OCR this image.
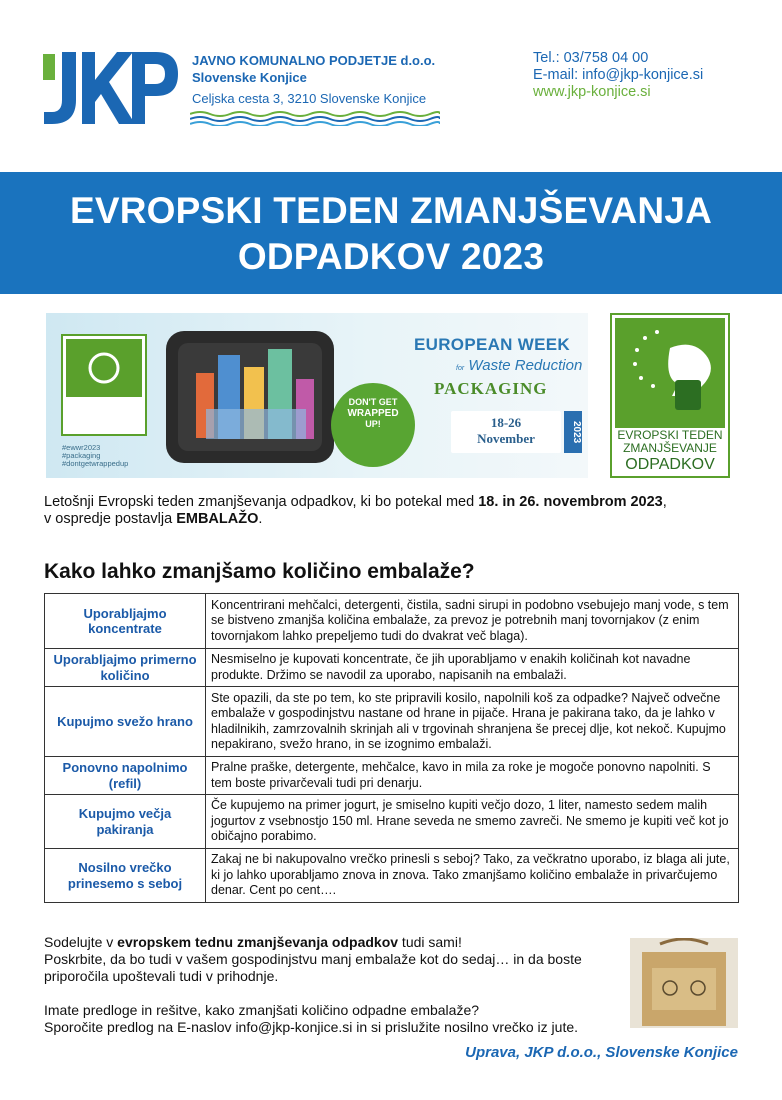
JAVNO KOMUNALNO PODJETJE d.o.o.
Slovenske Konjice
Celjska cesta 3, 3210 Slovenske Konjice
Tel.: 03/758 04 00
E-mail: info@jkp-konjice.si
www.jkp-konjice.si
EVROPSKI TEDEN ZMANJŠEVANJA
ODPADKOV 2023
#ewwr2023
#packaging
#dontgetwrappedup
DON'T GET
WRAPPED
UP!
EUROPEAN WEEK
for Waste Reduction
PACKAGING
18-26
November	2023	EVROPSKI TEDEN
ZMANJŠEVANJE
ODPADKOV
Letošnji Evropski teden zmanjševanja odpadkov, ki bo potekal med 18. in 26. novembrom 2023,
v ospredje postavlja EMBALAŽO.
Kako lahko zmanjšamo količino embalaže?
Uporabljajmo koncentrate	Koncentrirani mehčalci, detergenti, čistila, sadni sirupi in podobno vsebujejo manj vode, s tem se bistveno zmanjša količina embalaže, za prevoz je potrebnih manj tovornjakov (z enim tovornjakom lahko prepeljemo tudi do dvakrat več blaga).
Uporabljajmo primerno količino	Nesmiselno je kupovati koncentrate, če jih uporabljamo v enakih količinah kot navadne produkte. Držimo se navodil za uporabo, napisanih na embalaži.
Kupujmo svežo hrano	Ste opazili, da ste po tem, ko ste pripravili kosilo, napolnili koš za odpadke? Največ odvečne embalaže v gospodinjstvu nastane od hrane in pijače. Hrana je pakirana tako, da je lahko v hladilnikih, zamrzovalnih skrinjah ali v trgovinah shranjena še precej dlje, kot nekoč. Kupujmo nepakirano, svežo hrano, in se izognimo embalaži.
Ponovno napolnimo (refil)	Pralne praške, detergente, mehčalce, kavo in mila za roke je mogoče ponovno napolniti. S tem boste privarčevali tudi pri denarju.
Kupujmo večja pakiranja	Če kupujemo na primer jogurt, je smiselno kupiti večjo dozo, 1 liter, namesto sedem malih jogurtov z vsebnostjo 150 ml. Hrane seveda ne smemo zavreči. Ne smemo je kupiti več kot jo običajno porabimo.
Nosilno vrečko prinesemo s seboj	Zakaj ne bi nakupovalno vrečko prinesli s seboj? Tako, za večkratno uporabo, iz blaga ali jute, ki jo lahko uporabljamo znova in znova. Tako zmanjšamo količino embalaže in privarčujemo denar. Cent po cent….

Sodelujte v evropskem tednu zmanjševanja odpadkov tudi sami!
Poskrbite, da bo tudi v vašem gospodinjstvu manj embalaže kot do sedaj… in da boste priporočila upoštevali tudi v prihodnje.

Imate predloge in rešitve, kako zmanjšati količino odpadne embalaže?
Sporočite predlog na E-naslov info@jkp-konjice.si in si prislužite nosilno vrečko iz jute.

Uprava, JKP d.o.o., Slovenske Konjice
